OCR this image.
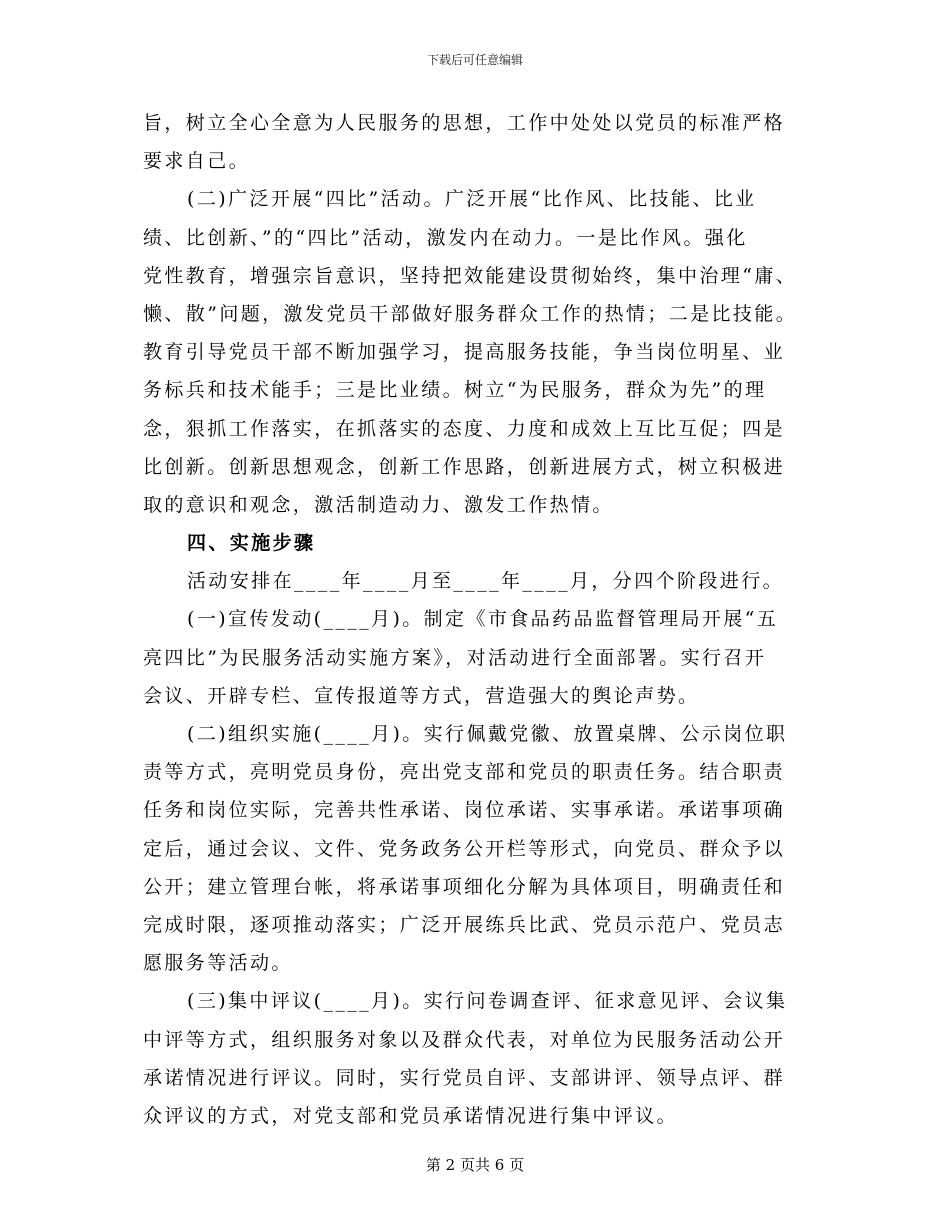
下载后可任意编辑
旨，树立全心全意为人民服务的思想，工作中处处以党员的标准严格
要求自己。
(二)广泛开展“四比”活动。广泛开展“比作风、比技能、比业
绩、比创新、”的“四比”活动，激发内在动力。一是比作风。强化
党性教育，增强宗旨意识，坚持把效能建设贯彻始终，集中治理“庸、
懒、散”问题，激发党员干部做好服务群众工作的热情；二是比技能。
教育引导党员干部不断加强学习，提高服务技能，争当岗位明星、业
务标兵和技术能手；三是比业绩。树立“为民服务，群众为先”的理
念，狠抓工作落实，在抓落实的态度、力度和成效上互比互促；四是
比创新。创新思想观念，创新工作思路，创新进展方式，树立积极进
取的意识和观念，激活制造动力、激发工作热情。
四、实施步骤
活动安排在____年____月至____年____月，分四个阶段进行。
(一)宣传发动(____月)。制定《市食品药品监督管理局开展“五
亮四比”为民服务活动实施方案》，对活动进行全面部署。实行召开
会议、开辟专栏、宣传报道等方式，营造强大的舆论声势。
(二)组织实施(____月)。实行佩戴党徽、放置桌牌、公示岗位职
责等方式，亮明党员身份，亮出党支部和党员的职责任务。结合职责
任务和岗位实际，完善共性承诺、岗位承诺、实事承诺。承诺事项确
定后，通过会议、文件、党务政务公开栏等形式，向党员、群众予以
公开；建立管理台帐，将承诺事项细化分解为具体项目，明确责任和
完成时限，逐项推动落实；广泛开展练兵比武、党员示范户、党员志
愿服务等活动。
(三)集中评议(____月)。实行问卷调查评、征求意见评、会议集
中评等方式，组织服务对象以及群众代表，对单位为民服务活动公开
承诺情况进行评议。同时，实行党员自评、支部讲评、领导点评、群
众评议的方式，对党支部和党员承诺情况进行集中评议。
第 2 页共 6 页
